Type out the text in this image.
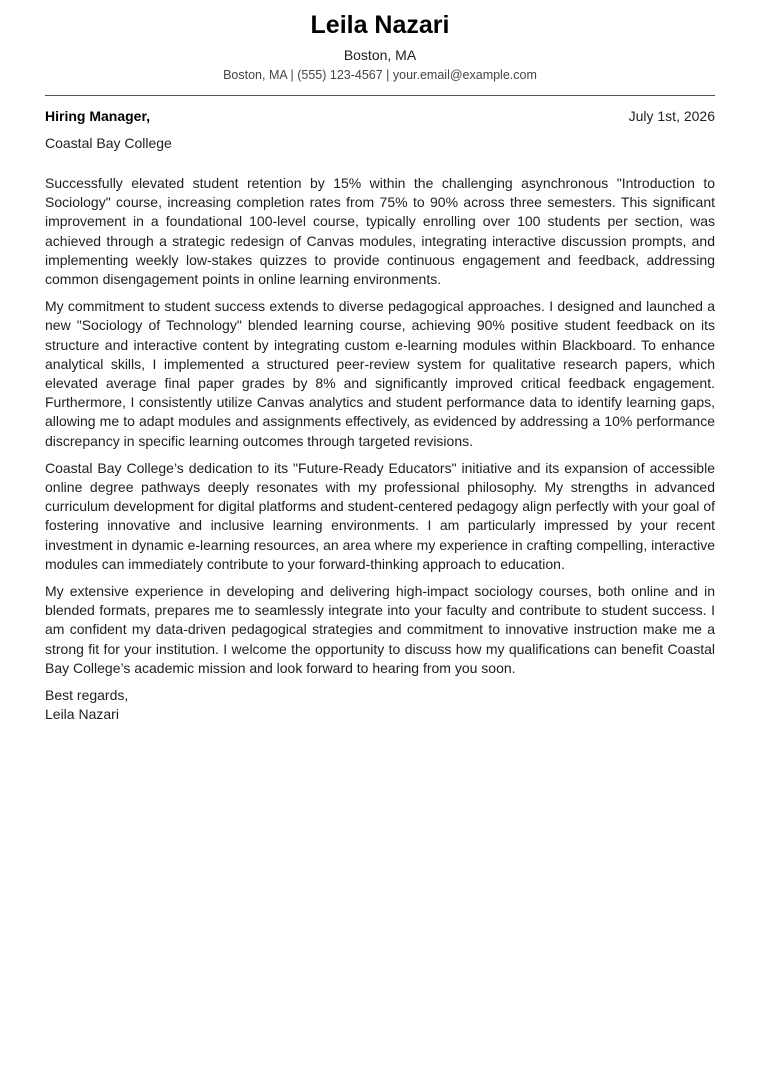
Leila Nazari
Boston, MA
Boston, MA | (555) 123-4567 | your.email@example.com
Hiring Manager,	July 1st, 2026
Coastal Bay College

Successfully elevated student retention by 15% within the challenging asynchronous "Introduction to Sociology" course, increasing completion rates from 75% to 90% across three semesters. This significant improvement in a foundational 100-level course, typically enrolling over 100 students per section, was achieved through a strategic redesign of Canvas modules, integrating interactive discussion prompts, and implementing weekly low-stakes quizzes to provide continuous engagement and feedback, addressing common disengagement points in online learning environments.

My commitment to student success extends to diverse pedagogical approaches. I designed and launched a new "Sociology of Technology" blended learning course, achieving 90% positive student feedback on its structure and interactive content by integrating custom e-learning modules within Blackboard. To enhance analytical skills, I implemented a structured peer-review system for qualitative research papers, which elevated average final paper grades by 8% and significantly improved critical feedback engagement. Furthermore, I consistently utilize Canvas analytics and student performance data to identify learning gaps, allowing me to adapt modules and assignments effectively, as evidenced by addressing a 10% performance discrepancy in specific learning outcomes through targeted revisions.

Coastal Bay College’s dedication to its "Future-Ready Educators" initiative and its expansion of accessible online degree pathways deeply resonates with my professional philosophy. My strengths in advanced curriculum development for digital platforms and student-centered pedagogy align perfectly with your goal of fostering innovative and inclusive learning environments. I am particularly impressed by your recent investment in dynamic e-learning resources, an area where my experience in crafting compelling, interactive modules can immediately contribute to your forward-thinking approach to education.

My extensive experience in developing and delivering high-impact sociology courses, both online and in blended formats, prepares me to seamlessly integrate into your faculty and contribute to student success. I am confident my data-driven pedagogical strategies and commitment to innovative instruction make me a strong fit for your institution. I welcome the opportunity to discuss how my qualifications can benefit Coastal Bay College’s academic mission and look forward to hearing from you soon.

Best regards,
Leila Nazari
